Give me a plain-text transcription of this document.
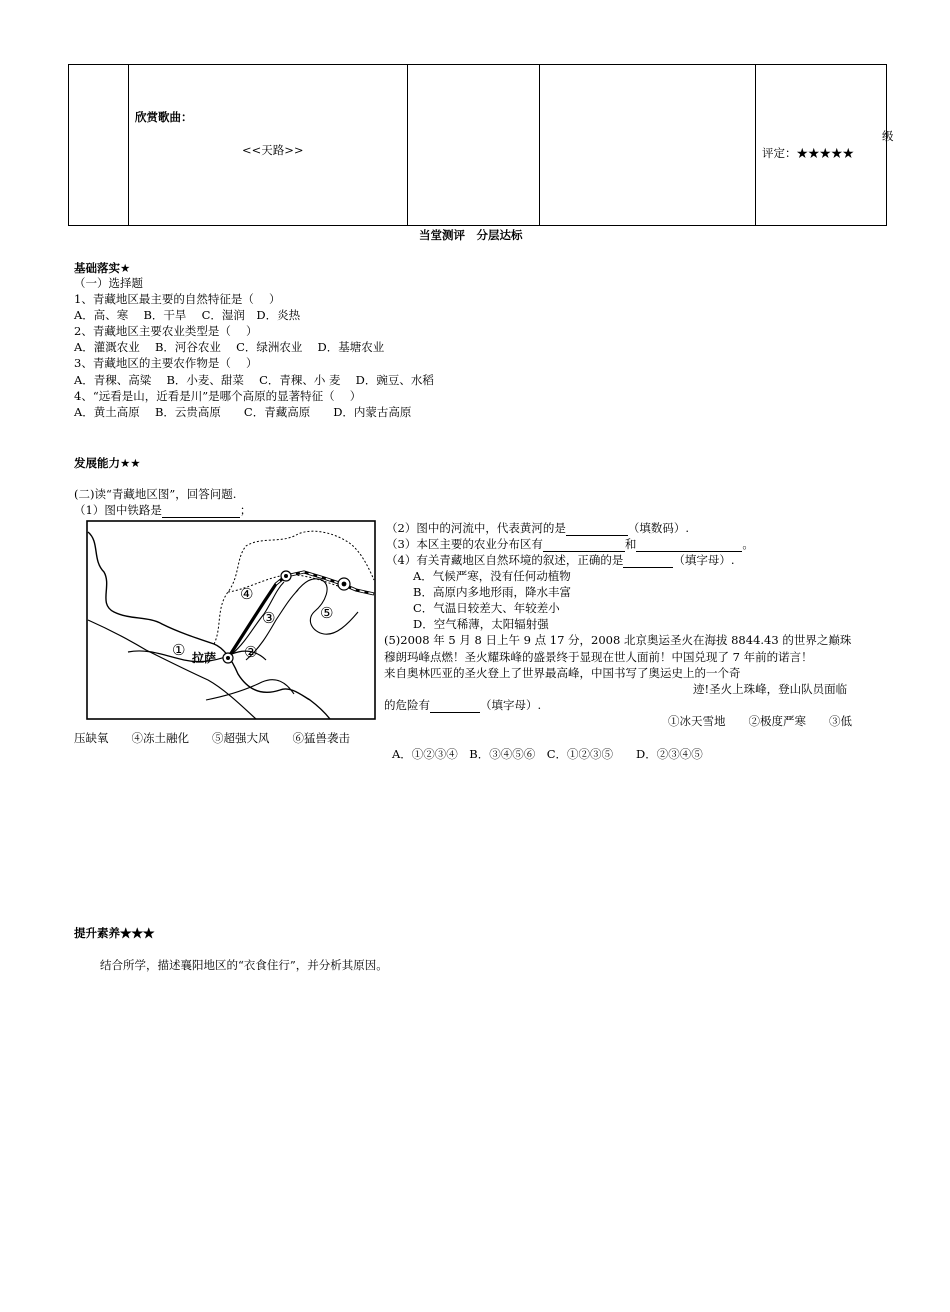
欣赏歌曲：
<<天路>>
级
评定：★★★★★
当堂测评　分层达标
基础落实★
（一）选择题
1、青藏地区最主要的自然特征是（　 ）
A．高、寒　 B．干旱　 C．湿润　D．炎热
2、青藏地区主要农业类型是（　 ）
A．灌溉农业　 B．河谷农业　 C．绿洲农业　 D．基塘农业
3、青藏地区的主要农作物是（　 ）
A．青稞、高粱　 B．小麦、甜菜　 C．青稞、小 麦　 D．豌豆、水稻
4、“远看是山，近看是川”是哪个高原的显著特征（　 ）
A．黄土高原　 B．云贵高原　　C．青藏高原　　D．内蒙古高原
发展能力★★
(二)读“青藏地区图”，回答问题.
（1）图中铁路是	；
拉萨
①	②
③
④
⑤
（2）图中的河流中，代表黄河的是	（填数码）.
（3）本区主要的农业分布区有	和	。
（4）有关青藏地区自然环境的叙述，正确的是	（填字母）.
A．气候严寒，没有任何动植物
B．高原内多地形雨，降水丰富
C．气温日较差大、年较差小
D．空气稀薄，太阳辐射强
(5)2008 年 5 月 8 日上午 9 点 17 分，2008 北京奥运圣火在海拔 8844.43 的世界之巅珠
穆朗玛峰点燃！圣火耀珠峰的盛景终于显现在世人面前！中国兑现了 7 年前的诺言！
来自奥林匹亚的圣火登上了世界最高峰，中国书写了奥运史上的一个奇
迹!圣火上珠峰，登山队员面临
的危险有	（填字母）.
①冰天雪地　　②极度严寒　　③低
压缺氧　　④冻土融化　　⑤超强大风　　⑥猛兽袭击
A．①②③④　B．③④⑤⑥　C．①②③⑤　　D．②③④⑤
提升素养★★★
结合所学，描述襄阳地区的“衣食住行”，并分析其原因。
